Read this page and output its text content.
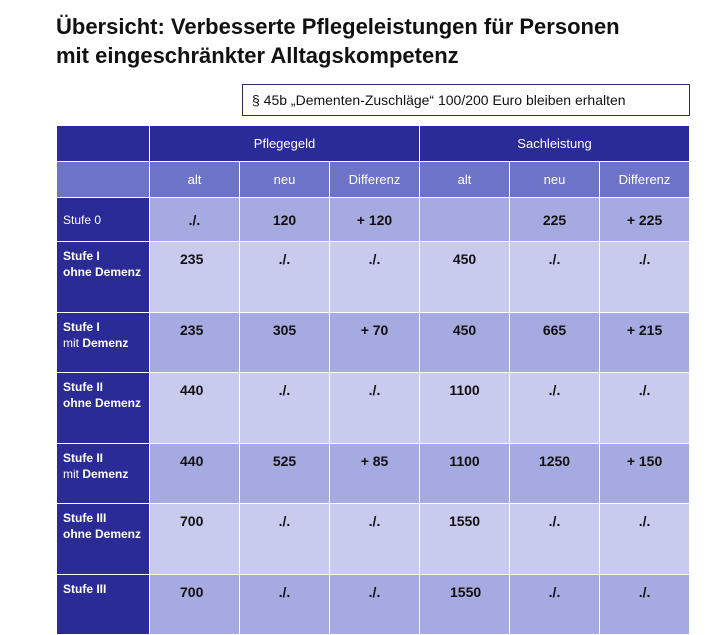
Übersicht: Verbesserte Pflegeleistungen für Personen
mit eingeschränkter Alltagskompetenz
§ 45b „Dementen-Zuschläge“ 100/200 Euro bleiben erhalten
	Pflegegeld			Sachleistung		
	alt	neu	Differenz	alt	neu	Differenz
Stufe 0	./.	120	+ 120		225	+ 225

Stufe I
ohne Demenz	235	./.	./.	450	./.	./.

Stufe I
mit Demenz	235	305	+ 70	450	665	+ 215

Stufe II
ohne Demenz	440	./.	./.	1100	./.	./.

Stufe II
mit Demenz	440	525	+ 85	1100	1250	+ 150

Stufe III
ohne Demenz	700	./.	./.	1550	./.	./.

Stufe III	700	./.	./.	1550	./.	./.
